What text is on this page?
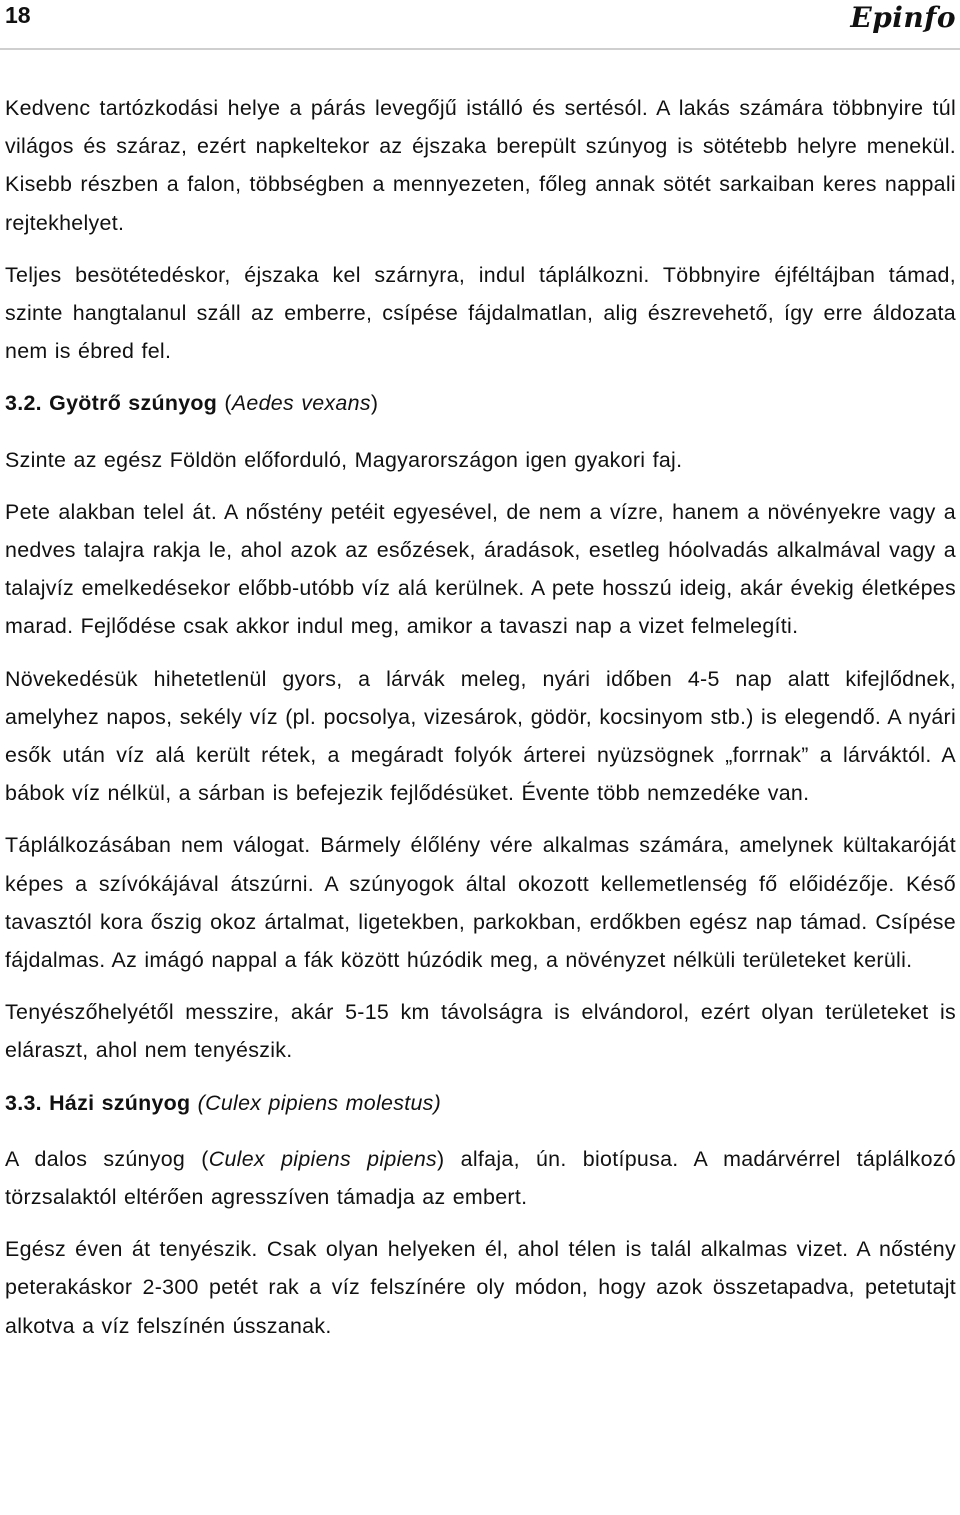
18	Epinfo

Kedvenc tartózkodási helye a párás levegőjű istálló és sertésól. A lakás számára többnyire túl világos és száraz, ezért napkeltekor az éjszaka berepült szúnyog is sötétebb helyre menekül. Kisebb részben a falon, többségben a mennyezeten, főleg annak sötét sarkaiban keres nappali rejtekhelyet.

Teljes besötétedéskor, éjszaka kel szárnyra, indul táplálkozni. Többnyire éjféltájban támad, szinte hangtalanul száll az emberre, csípése fájdalmatlan, alig észrevehető, így erre áldozata nem is ébred fel.

3.2. Gyötrő szúnyog (Aedes vexans)

Szinte az egész Földön előforduló, Magyarországon igen gyakori faj.

Pete alakban telel át. A nőstény petéit egyesével, de nem a vízre, hanem a növényekre vagy a nedves talajra rakja le, ahol azok az esőzések, áradások, esetleg hóolvadás alkalmával vagy a talajvíz emelkedésekor előbb-utóbb víz alá kerülnek. A pete hosszú ideig, akár évekig életképes marad. Fejlődése csak akkor indul meg, amikor a tavaszi nap a vizet felmelegíti.

Növekedésük hihetetlenül gyors, a lárvák meleg, nyári időben 4-5 nap alatt kifejlődnek, amelyhez napos, sekély víz (pl. pocsolya, vizesárok, gödör, kocsinyom stb.) is elegendő. A nyári esők után víz alá került rétek, a megáradt folyók árterei nyüzsögnek „forrnak” a lárváktól. A bábok víz nélkül, a sárban is befejezik fejlődésüket. Évente több nemzedéke van.

Táplálkozásában nem válogat. Bármely élőlény vére alkalmas számára, amelynek kültakaróját képes a szívókájával átszúrni. A szúnyogok által okozott kellemetlenség fő előidézője. Késő tavasztól kora őszig okoz ártalmat, ligetekben, parkokban, erdőkben egész nap támad. Csípése fájdalmas. Az imágó nappal a fák között húzódik meg, a növényzet nélküli területeket kerüli.

Tenyészőhelyétől messzire, akár 5-15 km távolságra is elvándorol, ezért olyan területeket is eláraszt, ahol nem tenyészik.

3.3. Házi szúnyog (Culex pipiens molestus)

A dalos szúnyog (Culex pipiens pipiens) alfaja, ún. biotípusa. A madárvérrel táplálkozó törzsalaktól eltérően agresszíven támadja az embert.

Egész éven át tenyészik. Csak olyan helyeken él, ahol télen is talál alkalmas vizet. A nőstény peterakáskor 2-300 petét rak a víz felszínére oly módon, hogy azok összetapadva, petetutajt alkotva a víz felszínén ússzanak.
